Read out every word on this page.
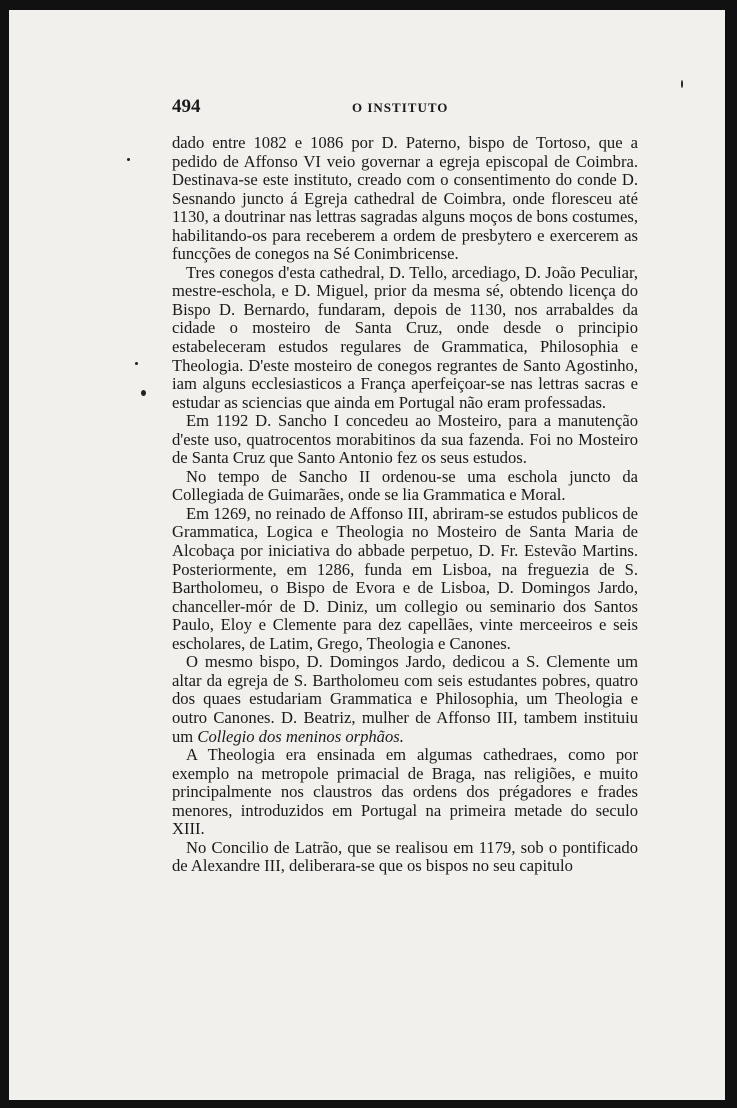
494	O INSTITUTO

dado entre 1082 e 1086 por D. Paterno, bispo de Tortoso, que a pedido de Affonso VI veio governar a egreja episcopal de Coimbra. Destinava-se este instituto, creado com o consentimento do conde D. Sesnando juncto á Egreja cathedral de Coimbra, onde floresceu até 1130, a doutrinar nas lettras sagradas alguns moços de bons costumes, habilitando-os para receberem a ordem de presbytero e exercerem as funcções de conegos na Sé Conimbricense.

Tres conegos d'esta cathedral, D. Tello, arcediago, D. João Peculiar, mestre-eschola, e D. Miguel, prior da mesma sé, obtendo licença do Bispo D. Bernardo, fundaram, depois de 1130, nos arrabaldes da cidade o mosteiro de Santa Cruz, onde desde o principio estabeleceram estudos regulares de Grammatica, Philosophia e Theologia. D'este mosteiro de conegos regrantes de Santo Agostinho, iam alguns ecclesiasticos a França aperfeiçoar-se nas lettras sacras e estudar as sciencias que ainda em Portugal não eram professadas.

Em 1192 D. Sancho I concedeu ao Mosteiro, para a manutenção d'este uso, quatrocentos morabitinos da sua fazenda. Foi no Mosteiro de Santa Cruz que Santo Antonio fez os seus estudos.

No tempo de Sancho II ordenou-se uma eschola juncto da Collegiada de Guimarães, onde se lia Grammatica e Moral.

Em 1269, no reinado de Affonso III, abriram-se estudos publicos de Grammatica, Logica e Theologia no Mosteiro de Santa Maria de Alcobaça por iniciativa do abbade perpetuo, D. Fr. Estevão Martins. Posteriormente, em 1286, funda em Lisboa, na freguezia de S. Bartholomeu, o Bispo de Evora e de Lisboa, D. Domingos Jardo, chanceller-mór de D. Diniz, um collegio ou seminario dos Santos Paulo, Eloy e Clemente para dez capellães, vinte merceeiros e seis escholares, de Latim, Grego, Theologia e Canones.

O mesmo bispo, D. Domingos Jardo, dedicou a S. Clemente um altar da egreja de S. Bartholomeu com seis estudantes pobres, quatro dos quaes estudariam Grammatica e Philosophia, um Theologia e outro Canones. D. Beatriz, mulher de Affonso III, tambem instituiu um Collegio dos meninos orphãos.

A Theologia era ensinada em algumas cathedraes, como por exemplo na metropole primacial de Braga, nas religiões, e muito principalmente nos claustros das ordens dos prégadores e frades menores, introduzidos em Portugal na primeira metade do seculo XIII.

No Concilio de Latrão, que se realisou em 1179, sob o pontificado de Alexandre III, deliberara-se que os bispos no seu capitulo
